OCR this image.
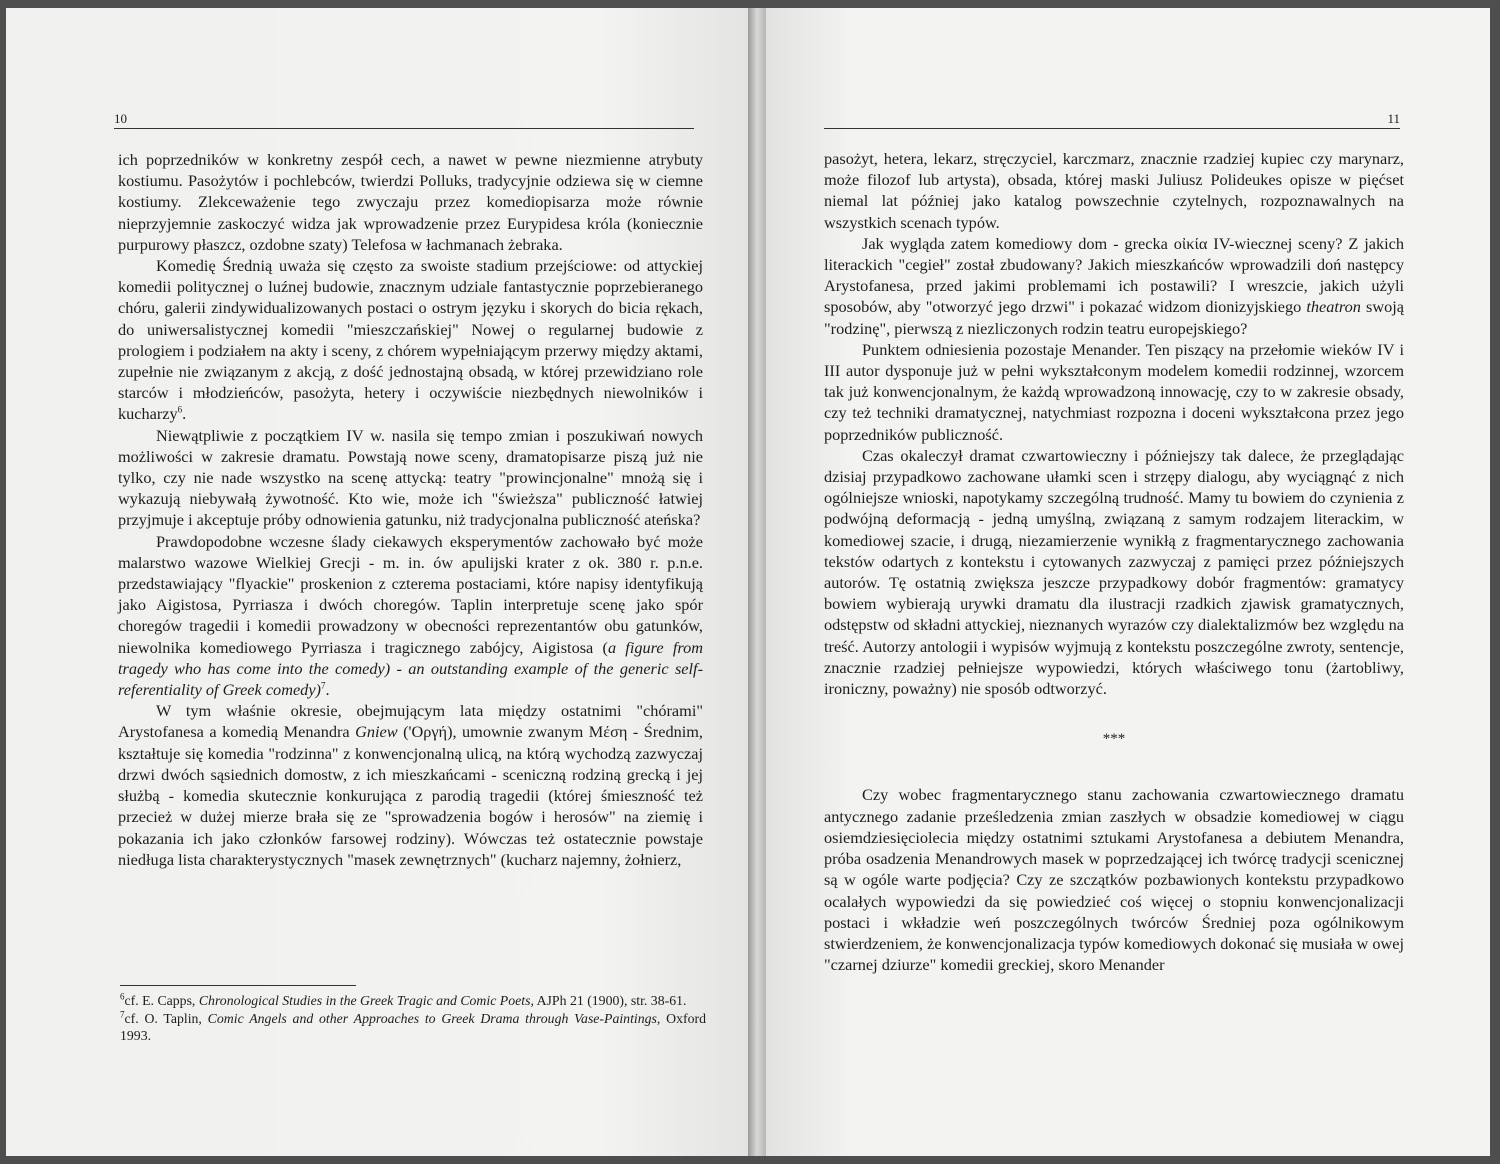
10

ich poprzedników w konkretny zespół cech, a nawet w pewne niezmienne atrybuty kostiumu. Pasożytów i pochlebców, twierdzi Polluks, tradycyjnie odziewa się w ciemne kostiumy. Zlekceważenie tego zwyczaju przez komediopisarza może równie nieprzyjemnie zaskoczyć widza jak wprowadzenie przez Eurypidesa króla (koniecznie purpurowy płaszcz, ozdobne szaty) Telefosa w łachmanach żebraka.

Komedię Średnią uważa się często za swoiste stadium przejściowe: od attyckiej komedii politycznej o luźnej budowie, znacznym udziale fantastycznie poprzebieranego chóru, galerii zindywidualizowanych postaci o ostrym języku i skorych do bicia rękach, do uniwersalistycznej komedii "mieszczańskiej" Nowej o regularnej budowie z prologiem i podziałem na akty i sceny, z chórem wypełniającym przerwy między aktami, zupełnie nie związanym z akcją, z dość jednostajną obsadą, w której przewidziano role starców i młodzieńców, pasożyta, hetery i oczywiście niezbędnych niewolników i kucharzy$^6$.

Niewątpliwie z początkiem IV w. nasila się tempo zmian i poszukiwań nowych możliwości w zakresie dramatu. Powstają nowe sceny, dramatopisarze piszą już nie tylko, czy nie nade wszystko na scenę attycką: teatry "prowincjonalne" mnożą się i wykazują niebywałą żywotność. Kto wie, może ich "świeższa" publiczność łatwiej przyjmuje i akceptuje próby odnowienia gatunku, niż tradycjonalna publiczność ateńska?

Prawdopodobne wczesne ślady ciekawych eksperymentów zachowało być może malarstwo wazowe Wielkiej Grecji - m. in. ów apulijski krater z ok. 380 r. p.n.e. przedstawiający "flyackie" proskenion z czterema postaciami, które napisy identyfikują jako Aigistosa, Pyrriasza i dwóch choregów. Taplin interpretuje scenę jako spór choregów tragedii i komedii prowadzony w obecności reprezentantów obu gatunków, niewolnika komediowego Pyrriasza i tragicznego zabójcy, Aigistosa (a figure from tragedy who has come into the comedy) - an outstanding example of the generic self-referentiality of Greek comedy)$^7$.

W tym właśnie okresie, obejmującym lata między ostatnimi "chórami" Arystofanesa a komedią Menandra Gniew ('Οργή), umownie zwanym Μέση - Średnim, kształtuje się komedia "rodzinna" z konwencjonalną ulicą, na którą wychodzą zazwyczaj drzwi dwóch sąsiednich domostw, z ich mieszkańcami - sceniczną rodziną grecką i jej służbą - komedia skutecznie konkurująca z parodią tragedii (której śmieszność też przecież w dużej mierze brała się ze "sprowadzenia bogów i herosów" na ziemię i pokazania ich jako członków farsowej rodziny). Wówczas też ostatecznie powstaje niedługa lista charakterystycznych "masek zewnętrznych" (kucharz najemny, żołnierz,

$^6$cf. E. Capps, Chronological Studies in the Greek Tragic and Comic Poets, AJPh 21 (1900), str. 38-61.

$^7$cf. O. Taplin, Comic Angels and other Approaches to Greek Drama through Vase-Paintings, Oxford 1993.

11

pasożyt, hetera, lekarz, stręczyciel, karczmarz, znacznie rzadziej kupiec czy marynarz, może filozof lub artysta), obsada, której maski Juliusz Polideukes opisze w pięćset niemal lat później jako katalog powszechnie czytelnych, rozpoznawalnych na wszystkich scenach typów.

Jak wygląda zatem komediowy dom - grecka οἰκία IV-wiecznej sceny? Z jakich literackich "cegieł" został zbudowany? Jakich mieszkańców wprowadzili doń następcy Arystofanesa, przed jakimi problemami ich postawili? I wreszcie, jakich użyli sposobów, aby "otworzyć jego drzwi" i pokazać widzom dionizyjskiego theatron swoją "rodzinę", pierwszą z niezliczonych rodzin teatru europejskiego?

Punktem odniesienia pozostaje Menander. Ten piszący na przełomie wieków IV i III autor dysponuje już w pełni wykształconym modelem komedii rodzinnej, wzorcem tak już konwencjonalnym, że każdą wprowadzoną innowację, czy to w zakresie obsady, czy też techniki dramatycznej, natychmiast rozpozna i doceni wykształcona przez jego poprzedników publiczność.

Czas okaleczył dramat czwartowieczny i późniejszy tak dalece, że przeglądając dzisiaj przypadkowo zachowane ułamki scen i strzępy dialogu, aby wyciągnąć z nich ogólniejsze wnioski, napotykamy szczególną trudność. Mamy tu bowiem do czynienia z podwójną deformacją - jedną umyślną, związaną z samym rodzajem literackim, w komediowej szacie, i drugą, niezamierzenie wynikłą z fragmentarycznego zachowania tekstów odartych z kontekstu i cytowanych zazwyczaj z pamięci przez późniejszych autorów. Tę ostatnią zwiększa jeszcze przypadkowy dobór fragmentów: gramatycy bowiem wybierają urywki dramatu dla ilustracji rzadkich zjawisk gramatycznych, odstępstw od składni attyckiej, nieznanych wyrazów czy dialektalizmów bez względu na treść. Autorzy antologii i wypisów wyjmują z kontekstu poszczególne zwroty, sentencje, znacznie rzadziej pełniejsze wypowiedzi, których właściwego tonu (żartobliwy, ironiczny, poważny) nie sposób odtworzyć.

***

Czy wobec fragmentarycznego stanu zachowania czwartowiecznego dramatu antycznego zadanie prześledzenia zmian zaszłych w obsadzie komediowej w ciągu osiemdziesięciolecia między ostatnimi sztukami Arystofanesa a debiutem Menandra, próba osadzenia Menandrowych masek w poprzedzającej ich twórcę tradycji scenicznej są w ogóle warte podjęcia? Czy ze szczątków pozbawionych kontekstu przypadkowo ocalałych wypowiedzi da się powiedzieć coś więcej o stopniu konwencjonalizacji postaci i wkładzie weń poszczególnych twórców Średniej poza ogólnikowym stwierdzeniem, że konwencjonalizacja typów komediowych dokonać się musiała w owej "czarnej dziurze" komedii greckiej, skoro Menander
